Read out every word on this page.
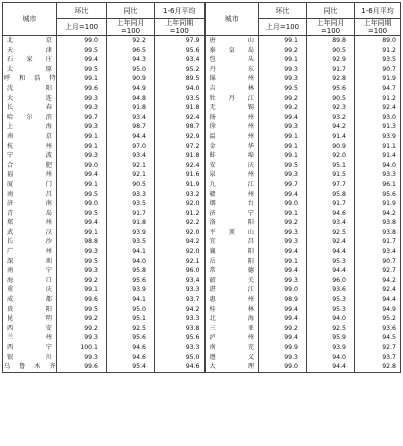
城市	环比	同比	1-6月平均	城市	环比	同比	1-6月平均
	上月=100	上年同月 =100	上年同期 =100		上月=100	上年同月 =100	上年同期 =100
北　京	99.0	92.2	97.9	唐　山	99.1	89.8	89.0
天　津	99.5	96.5	95.6	秦皇岛	99.2	90.5	91.2
石家庄	99.4	94.3	93.4	包　头	99.1	92.9	93.5
太　原	99.5	95.0	95.2	丹　东	99.3	91.7	90.7
呼和浩特	99.1	90.9	89.5	锦　州	99.3	92.8	91.9
沈　阳	99.6	94.9	94.0	吉　林	99.5	95.6	94.7
大　连	99.3	94.8	93.5	牡丹江	99.2	90.5	91.2
长　春	99.3	91.8	91.8	无　锡	99.2	92.3	92.4
哈尔滨	99.7	93.4	92.4	扬　州	99.4	93.2	93.0
上　海	99.3	98.7	98.7	徐　州	99.3	94.2	91.3
南　京	99.1	94.4	92.9	温　州	99.1	91.4	93.9
杭　州	99.1	97.0	97.2	金　华	99.1	90.9	91.1
宁　波	99.3	93.4	91.8	蚌　埠	99.1	92.0	91.4
合　肥	99.0	92.1	92.4	安　庆	99.5	95.1	94.0
福　州	99.4	92.1	91.6	泉　州	99.3	91.5	93.3
厦　门	99.1	90.5	91.9	九　江	99.7	97.7	96.1
南　昌	99.5	93.3	93.2	赣　州	99.4	95.8	95.6
济　南	99.0	93.5	92.0	烟　台	99.0	91.7	91.9
青　岛	99.5	91.7	91.2	济　宁	99.1	94.6	94.2
郑　州	99.4	91.8	92.2	洛　阳	99.2	93.4	93.8
武　汉	99.1	93.9	92.0	平顶山	99.3	92.5	93.8
长　沙	98.8	93.5	94.2	宜　昌	99.3	92.4	91.7
广　州	99.3	94.1	92.0	襄　阳	99.4	94.4	93.4
深　圳	99.5	94.0	92.1	岳　阳	99.1	95.3	90.7
南　宁	99.3	95.8	96.0	常　德	99.4	94.4	92.7
海　口	99.2	95.6	93.4	韶　关	99.3	96.0	94.2
重　庆	99.1	93.9	93.3	湛　江	99.0	93.6	92.4
成　都	99.6	94.1	93.7	惠　州	98.9	95.3	94.4
贵　阳	99.5	95.0	94.2	桂　林	99.4	95.3	94.9
昆　明	99.2	95.1	93.3	北　海	99.4	94.0	95.2
西　安	99.2	92.5	93.8	三　亚	99.2	92.5	93.6
兰　州	99.3	95.6	95.6	泸　州	99.4	95.9	94.5
西　宁	100.1	94.6	93.3	南　充	99.9	93.9	92.7
银　川	99.3	94.6	95.0	遵　义	99.3	94.0	93.7
乌鲁木齐	99.6	95.4	94.6	大　理	99.0	94.4	92.8
